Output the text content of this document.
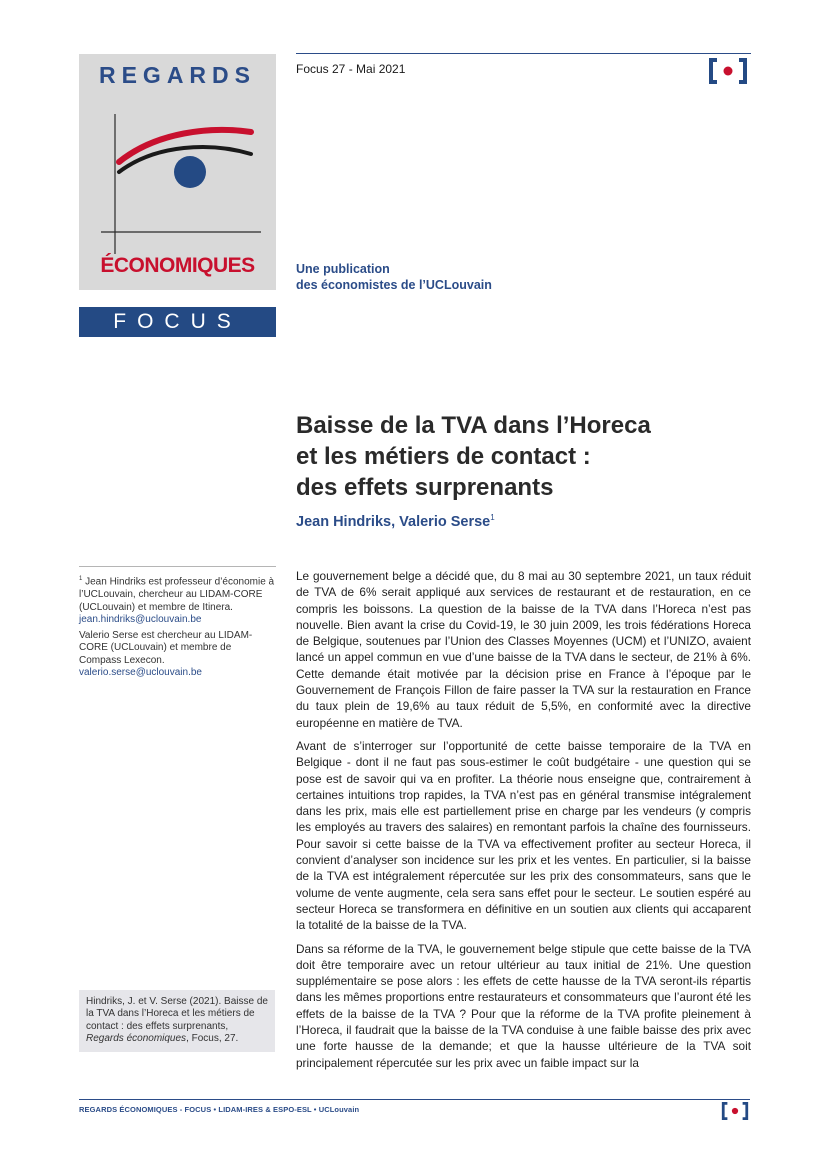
REGARDS
ÉCONOMIQUES
FOCUS
Focus 27 - Mai 2021
Une publication
des économistes de l’UCLouvain
Baisse de la TVA dans l’Horeca
et les métiers de contact :
des effets surprenants
Jean Hindriks, Valerio Serse$^1$

$^1$ Jean Hindriks est professeur d’économie à l’UCLouvain, chercheur au LIDAM-CORE (UCLouvain) et membre de Itinera.
jean.hindriks@uclouvain.be

Valerio Serse est chercheur au LIDAM-CORE (UCLouvain) et membre de Compass Lexecon.
valerio.serse@uclouvain.be

Hindriks, J. et V. Serse (2021). Baisse de la TVA dans l’Horeca et les métiers de contact : des effets surprenants, Regards économiques, Focus, 27.

Le gouvernement belge a décidé que, du 8 mai au 30 septembre 2021, un taux réduit de TVA de 6% serait appliqué aux services de restaurant et de restauration, en ce compris les boissons. La question de la baisse de la TVA dans l’Horeca n’est pas nouvelle. Bien avant la crise du Covid-19, le 30 juin 2009, les trois fédérations Horeca de Belgique, soutenues par l’Union des Classes Moyennes (UCM) et l’UNIZO, avaient lancé un appel commun en vue d’une baisse de la TVA dans le secteur, de 21% à 6%. Cette demande était motivée par la décision prise en France à l’époque par le Gouvernement de François Fillon de faire passer la TVA sur la restauration en France du taux plein de 19,6% au taux réduit de 5,5%, en conformité avec la directive européenne en matière de TVA.

Avant de s’interroger sur l’opportunité de cette baisse temporaire de la TVA en Belgique - dont il ne faut pas sous-estimer le coût budgétaire - une question qui se pose est de savoir qui va en profiter. La théorie nous enseigne que, contrairement à certaines intuitions trop rapides, la TVA n’est pas en général transmise intégralement dans les prix, mais elle est partiellement prise en charge par les vendeurs (y compris les employés au travers des salaires) en remontant parfois la chaîne des fournisseurs. Pour savoir si cette baisse de la TVA va effectivement profiter au secteur Horeca, il convient d’analyser son incidence sur les prix et les ventes. En particulier, si la baisse de la TVA est intégralement répercutée sur les prix des consommateurs, sans que le volume de vente augmente, cela sera sans effet pour le secteur. Le soutien espéré au secteur Horeca se transformera en définitive en un soutien aux clients qui accaparent la totalité de la baisse de la TVA.

Dans sa réforme de la TVA, le gouvernement belge stipule que cette baisse de la TVA doit être temporaire avec un retour ultérieur au taux initial de 21%. Une question supplémentaire se pose alors : les effets de cette hausse de la TVA seront-ils répartis dans les mêmes proportions entre restaurateurs et consommateurs que l’auront été les effets de la baisse de la TVA ? Pour que la réforme de la TVA profite pleinement à l’Horeca, il faudrait que la baisse de la TVA conduise à une faible baisse des prix avec une forte hausse de la demande; et que la hausse ultérieure de la TVA soit principalement répercutée sur les prix avec un faible impact sur la

REGARDS ÉCONOMIQUES - FOCUS • LIDAM-IRES & ESPO-ESL • UCLouvain
